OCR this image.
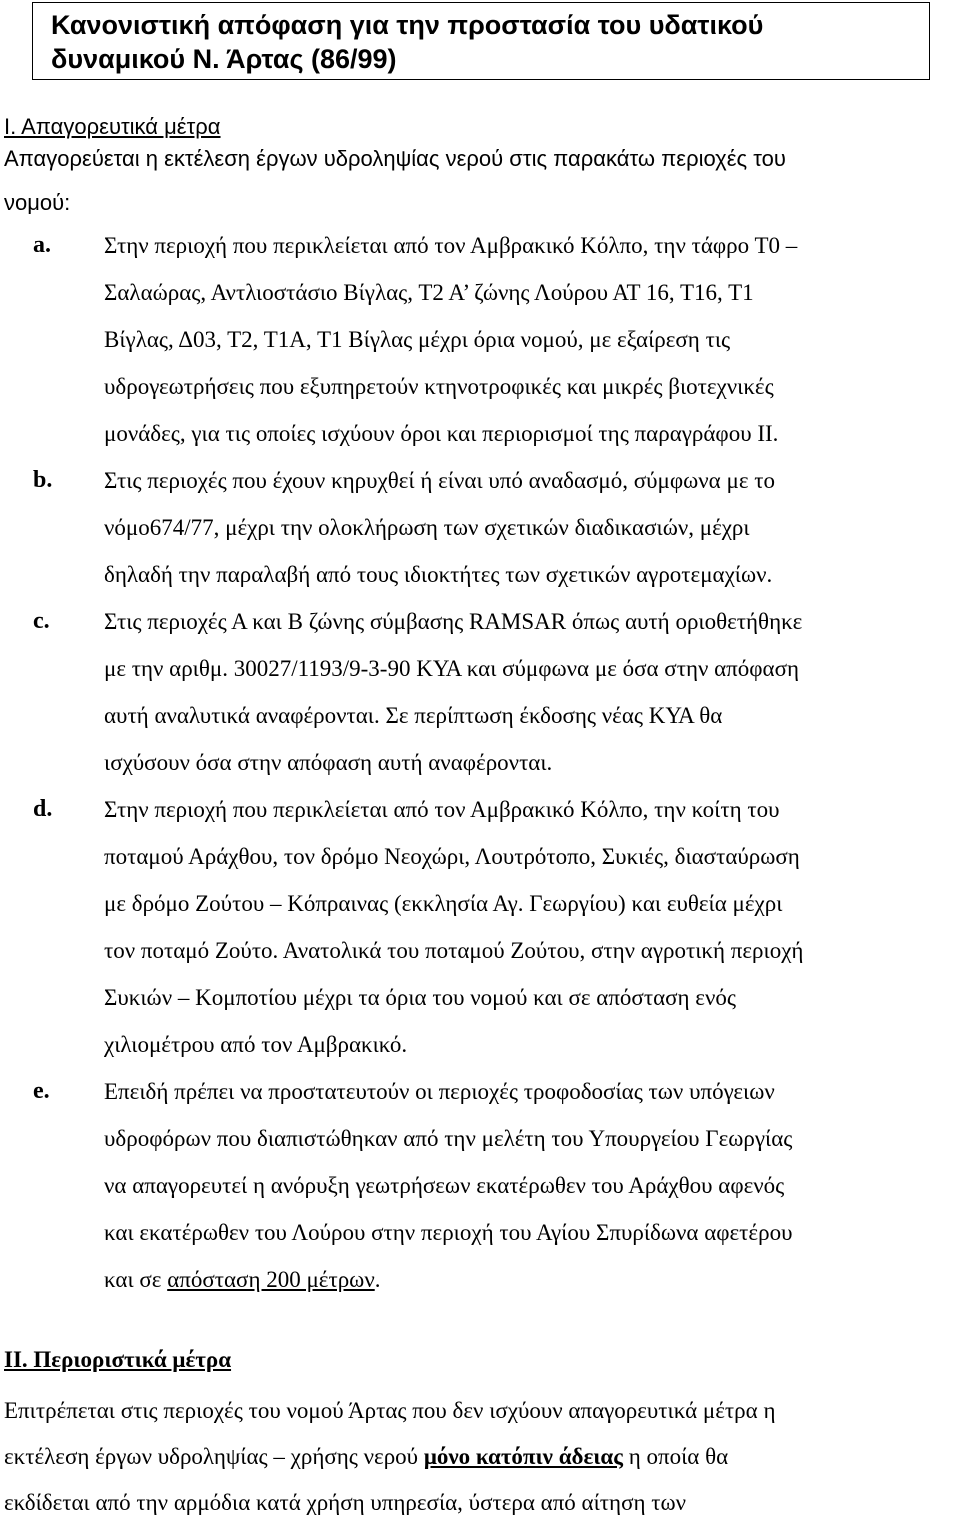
Κανονιστική απόφαση για την προστασία του υδατικού
δυναμικού Ν. Άρτας (86/99)
Ι. Απαγορευτικά μέτρα
Απαγορεύεται η εκτέλεση έργων υδροληψίας νερού στις παρακάτω περιοχές του
νομού:
a. Στην περιοχή που περικλείεται από τον Αμβρακικό Κόλπο, την τάφρο Τ0 –
Σαλαώρας, Αντλιοστάσιο Βίγλας, Τ2 Α’ ζώνης Λούρου ΑΤ 16, Τ16, Τ1
Βίγλας, Δ03, Τ2, Τ1Α, Τ1 Βίγλας μέχρι όρια νομού, με εξαίρεση τις
υδρογεωτρήσεις που εξυπηρετούν κτηνοτροφικές και μικρές βιοτεχνικές
μονάδες, για τις οποίες ισχύουν όροι και περιορισμοί της παραγράφου ΙΙ.
b. Στις περιοχές που έχουν κηρυχθεί ή είναι υπό αναδασμό, σύμφωνα με το
νόμο674/77, μέχρι την ολοκλήρωση των σχετικών διαδικασιών, μέχρι
δηλαδή την παραλαβή από τους ιδιοκτήτες των σχετικών αγροτεμαχίων.
c. Στις περιοχές Α και Β ζώνης σύμβασης RAMSAR όπως αυτή οριοθετήθηκε
με την αριθμ. 30027/1193/9-3-90 ΚΥΑ και σύμφωνα με όσα στην απόφαση
αυτή αναλυτικά αναφέρονται. Σε περίπτωση έκδοσης νέας ΚΥΑ θα
ισχύσουν όσα στην απόφαση αυτή αναφέρονται.
d. Στην περιοχή που περικλείεται από τον Αμβρακικό Κόλπο, την κοίτη του
ποταμού Αράχθου, τον δρόμο Νεοχώρι, Λουτρότοπο, Συκιές, διασταύρωση
με δρόμο Ζούτου – Κόπραινας (εκκλησία Αγ. Γεωργίου) και ευθεία μέχρι
τον ποταμό Ζούτο. Ανατολικά του ποταμού Ζούτου, στην αγροτική περιοχή
Συκιών – Κομποτίου μέχρι τα όρια του νομού και σε απόσταση ενός
χιλιομέτρου από τον Αμβρακικό.
e. Επειδή πρέπει να προστατευτούν οι περιοχές τροφοδοσίας των υπόγειων
υδροφόρων που διαπιστώθηκαν από την μελέτη του Υπουργείου Γεωργίας
να απαγορευτεί η ανόρυξη γεωτρήσεων εκατέρωθεν του Αράχθου αφενός
και εκατέρωθεν του Λούρου στην περιοχή του Αγίου Σπυρίδωνα αφετέρου
και σε απόσταση 200 μέτρων.
ΙΙ. Περιοριστικά μέτρα
Επιτρέπεται στις περιοχές του νομού Άρτας που δεν ισχύουν απαγορευτικά μέτρα η
εκτέλεση έργων υδροληψίας – χρήσης νερού μόνο κατόπιν άδειας η οποία θα
εκδίδεται από την αρμόδια κατά χρήση υπηρεσία, ύστερα από αίτηση των
